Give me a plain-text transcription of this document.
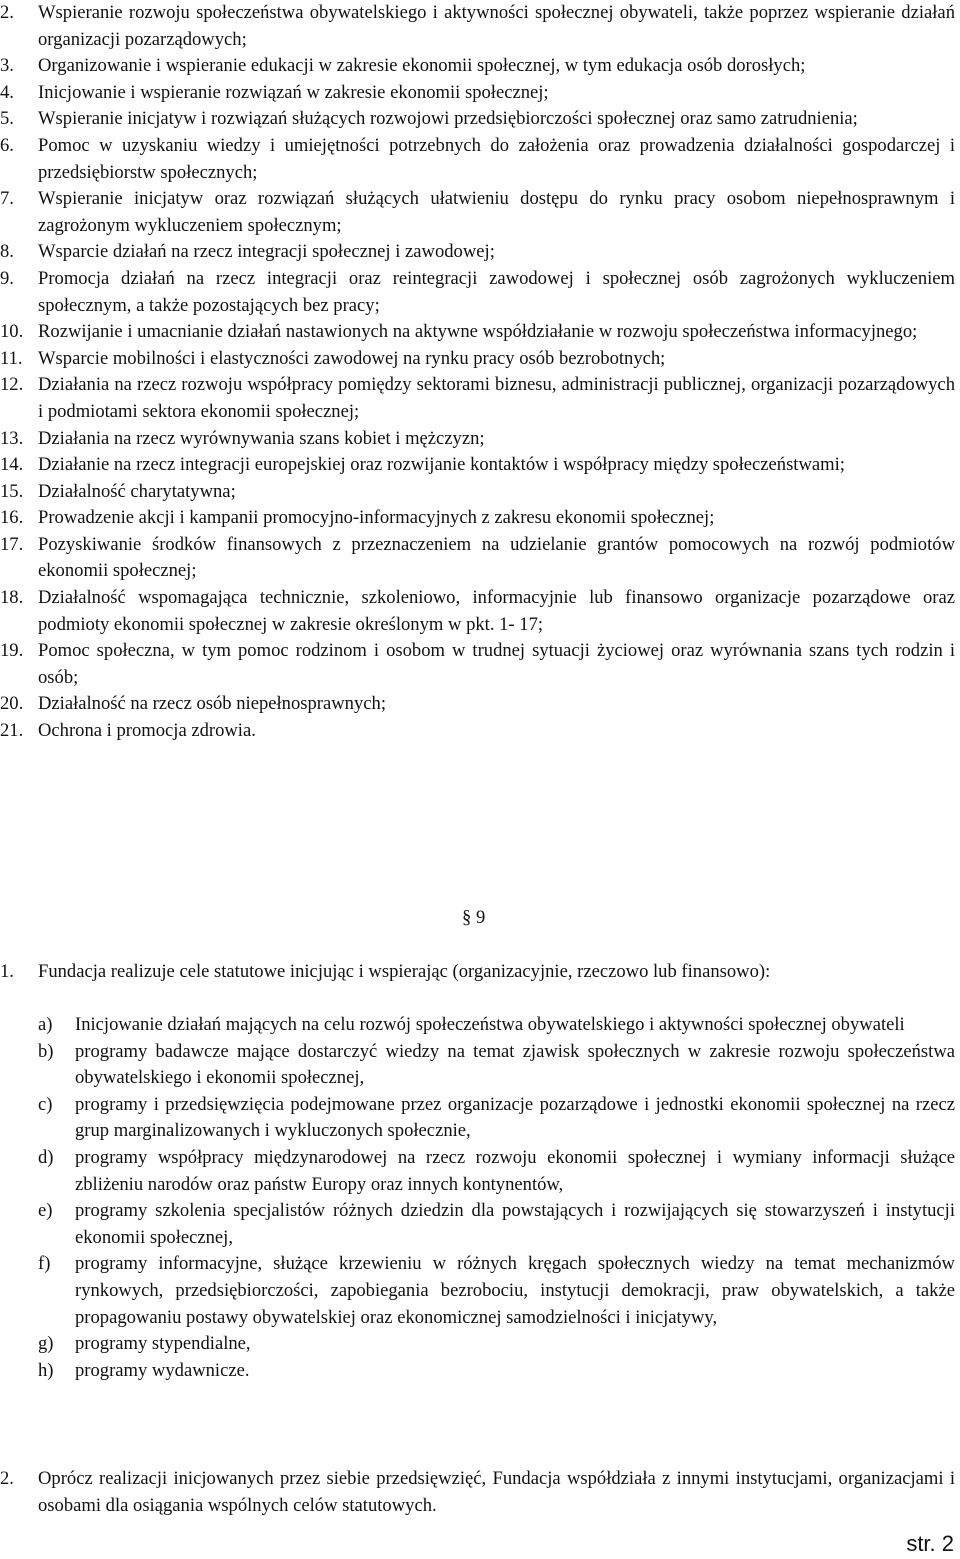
2. Wspieranie rozwoju społeczeństwa obywatelskiego i aktywności społecznej obywateli, także poprzez wspieranie działań organizacji pozarządowych;
3. Organizowanie i wspieranie edukacji w zakresie ekonomii społecznej, w tym edukacja osób dorosłych;
4. Inicjowanie i wspieranie rozwiązań w zakresie ekonomii społecznej;
5. Wspieranie inicjatyw i rozwiązań służących rozwojowi przedsiębiorczości społecznej oraz samo zatrudnienia;
6. Pomoc w uzyskaniu wiedzy i umiejętności potrzebnych do założenia oraz prowadzenia działalności gospodarczej i przedsiębiorstw społecznych;
7. Wspieranie inicjatyw oraz rozwiązań służących ułatwieniu dostępu do rynku pracy osobom niepełnosprawnym i zagrożonym wykluczeniem społecznym;
8. Wsparcie działań na rzecz integracji społecznej i zawodowej;
9. Promocja działań na rzecz integracji oraz reintegracji zawodowej i społecznej osób zagrożonych wykluczeniem społecznym, a także pozostających bez pracy;
10. Rozwijanie i umacnianie działań nastawionych na aktywne współdziałanie w rozwoju społeczeństwa informacyjnego;
11. Wsparcie mobilności i elastyczności zawodowej na rynku pracy osób bezrobotnych;
12. Działania na rzecz rozwoju współpracy pomiędzy sektorami biznesu, administracji publicznej, organizacji pozarządowych i podmiotami sektora ekonomii społecznej;
13. Działania na rzecz wyrównywania szans kobiet i mężczyzn;
14. Działanie na rzecz integracji europejskiej oraz rozwijanie kontaktów i współpracy między społeczeństwami;
15. Działalność charytatywna;
16. Prowadzenie akcji i kampanii promocyjno-informacyjnych z zakresu ekonomii społecznej;
17. Pozyskiwanie środków finansowych z przeznaczeniem na udzielanie grantów pomocowych na rozwój podmiotów ekonomii społecznej;
18. Działalność wspomagająca technicznie, szkoleniowo, informacyjnie lub finansowo organizacje pozarządowe oraz podmioty ekonomii społecznej w zakresie określonym w pkt. 1- 17;
19. Pomoc społeczna, w tym pomoc rodzinom i osobom w trudnej sytuacji życiowej oraz wyrównania szans tych rodzin i osób;
20. Działalność na rzecz osób niepełnosprawnych;
21. Ochrona i promocja zdrowia.
§ 9
1. Fundacja realizuje cele statutowe inicjując i wspierając (organizacyjnie, rzeczowo lub finansowo):
a) Inicjowanie działań mających na celu rozwój społeczeństwa obywatelskiego i aktywności społecznej obywateli
b) programy badawcze mające dostarczyć wiedzy na temat zjawisk społecznych w zakresie rozwoju społeczeństwa obywatelskiego i ekonomii społecznej,
c) programy i przedsięwzięcia podejmowane przez organizacje pozarządowe i jednostki ekonomii społecznej na rzecz grup marginalizowanych i wykluczonych społecznie,
d) programy współpracy międzynarodowej na rzecz rozwoju ekonomii społecznej i wymiany informacji służące zbliżeniu narodów oraz państw Europy oraz innych kontynentów,
e) programy szkolenia specjalistów różnych dziedzin dla powstających i rozwijających się stowarzyszeń i instytucji ekonomii społecznej,
f) programy informacyjne, służące krzewieniu w różnych kręgach społecznych wiedzy na temat mechanizmów rynkowych, przedsiębiorczości, zapobiegania bezrobociu, instytucji demokracji, praw obywatelskich, a także propagowaniu postawy obywatelskiej oraz ekonomicznej samodzielności i inicjatywy,
g) programy stypendialne,
h) programy wydawnicze.
2. Oprócz realizacji inicjowanych przez siebie przedsięwzięć, Fundacja współdziała z innymi instytucjami, organizacjami i osobami dla osiągania wspólnych celów statutowych.
str. 2
